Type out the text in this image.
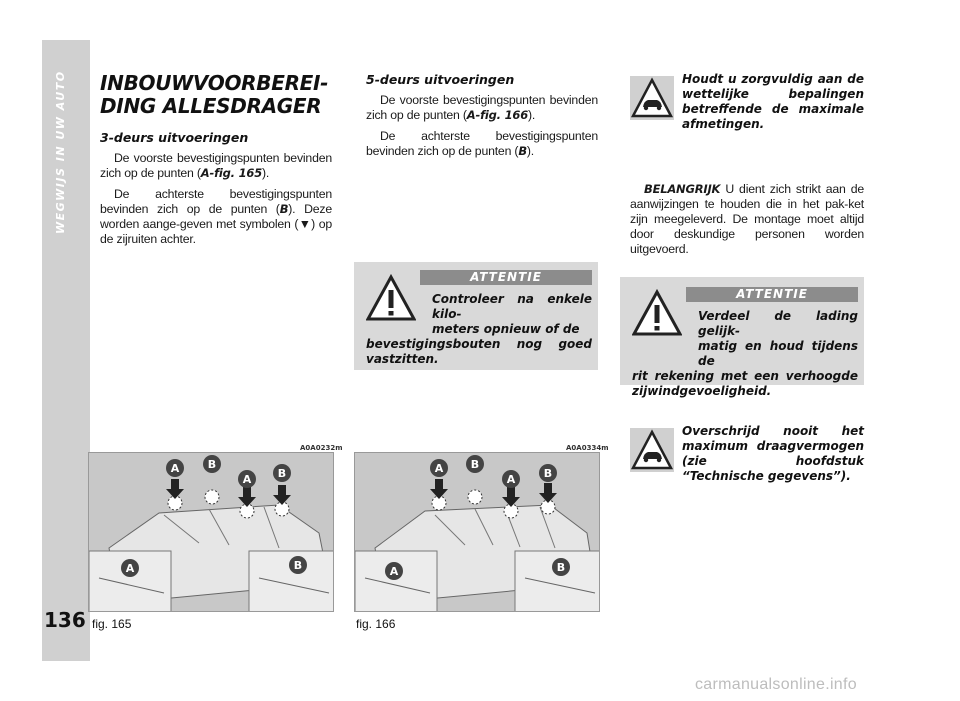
WEGWIJS IN UW AUTO
136
INBOUWVOORBEREI-
DING ALLESDRAGER
3-deurs uitvoeringen

De voorste bevestigingspunten bevinden zich op de punten (A-fig. 165).

De achterste bevestigingspunten bevinden zich op de punten (B). Deze worden aange-geven met symbolen (▼) op de zijruiten achter.

5-deurs uitvoeringen

De voorste bevestigingspunten bevinden zich op de punten (A-fig. 166).

De achterste bevestigingspunten bevinden zich op de punten (B).

Houdt u zorgvuldig aan de wettelijke bepalingen betreffende de maximale afmetingen.

BELANGRIJK U dient zich strikt aan de aanwijzingen te houden die in het pak-ket zijn meegeleverd. De montage moet altijd door deskundige personen worden uitgevoerd.

ATTENTIE
Controleer na enkele kilo-
meters opnieuw of de
bevestigingsbouten nog goed vastzitten.
ATTENTIE
Verdeel de lading gelijk-
matig en houd tijdens de
rit rekening met een verhoogde zijwindgevoeligheid.
Overschrijd nooit het maximum draagvermogen (zie hoofdstuk “Technische gegevens”).
A0A0232m
A	B
A B
A	B
fig. 165
A0A0334m
A	B
A	B
A	B
fig. 166
carmanualsonline.info
